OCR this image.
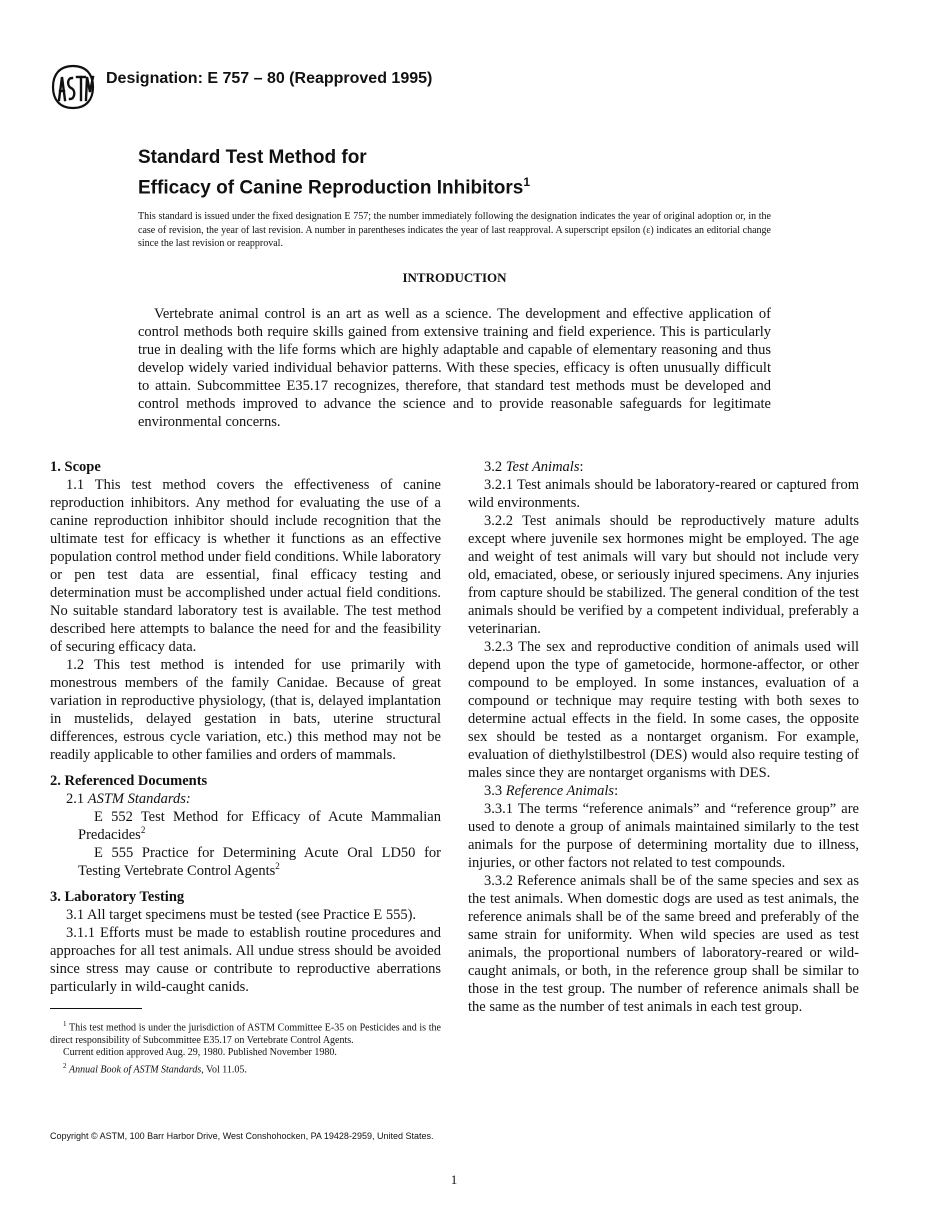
Designation: E 757 – 80 (Reapproved 1995)
Standard Test Method for
Efficacy of Canine Reproduction Inhibitors$^1$
This standard is issued under the fixed designation E 757; the number immediately following the designation indicates the year of original adoption or, in the case of revision, the year of last revision. A number in parentheses indicates the year of last reapproval. A superscript epsilon (ε) indicates an editorial change since the last revision or reapproval.
INTRODUCTION
Vertebrate animal control is an art as well as a science. The development and effective application of control methods both require skills gained from extensive training and field experience. This is particularly true in dealing with the life forms which are highly adaptable and capable of elementary reasoning and thus develop widely varied individual behavior patterns. With these species, efficacy is often unusually difficult to attain. Subcommittee E35.17 recognizes, therefore, that standard test methods must be developed and control methods improved to advance the science and to provide reasonable safeguards for legitimate environmental concerns.
1. Scope

1.1 This test method covers the effectiveness of canine reproduction inhibitors. Any method for evaluating the use of a canine reproduction inhibitor should include recognition that the ultimate test for efficacy is whether it functions as an effective population control method under field conditions. While laboratory or pen test data are essential, final efficacy testing and determination must be accomplished under actual field conditions. No suitable standard laboratory test is available. The test method described here attempts to balance the need for and the feasibility of securing efficacy data.

1.2 This test method is intended for use primarily with monestrous members of the family Canidae. Because of great variation in reproductive physiology, (that is, delayed implantation in mustelids, delayed gestation in bats, uterine structural differences, estrous cycle variation, etc.) this method may not be readily applicable to other families and orders of mammals.

2. Referenced Documents

2.1 ASTM Standards:

E 552 Test Method for Efficacy of Acute Mammalian Predacides$^2$

E 555 Practice for Determining Acute Oral LD50 for Testing Vertebrate Control Agents$^2$

3. Laboratory Testing

3.1 All target specimens must be tested (see Practice E 555).

3.1.1 Efforts must be made to establish routine procedures and approaches for all test animals. All undue stress should be avoided since stress may cause or contribute to reproductive aberrations particularly in wild-caught canids.

$^1$ This test method is under the jurisdiction of ASTM Committee E-35 on Pesticides and is the direct responsibility of Subcommittee E35.17 on Vertebrate Control Agents.

Current edition approved Aug. 29, 1980. Published November 1980.

$^2$ Annual Book of ASTM Standards, Vol 11.05.

3.2 Test Animals:

3.2.1 Test animals should be laboratory-reared or captured from wild environments.

3.2.2 Test animals should be reproductively mature adults except where juvenile sex hormones might be employed. The age and weight of test animals will vary but should not include very old, emaciated, obese, or seriously injured specimens. Any injuries from capture should be stabilized. The general condition of the test animals should be verified by a competent individual, preferably a veterinarian.

3.2.3 The sex and reproductive condition of animals used will depend upon the type of gametocide, hormone-affector, or other compound to be employed. In some instances, evaluation of a compound or technique may require testing with both sexes to determine actual effects in the field. In some cases, the opposite sex should be tested as a nontarget organism. For example, evaluation of diethylstilbestrol (DES) would also require testing of males since they are nontarget organisms with DES.

3.3 Reference Animals:

3.3.1 The terms “reference animals” and “reference group” are used to denote a group of animals maintained similarly to the test animals for the purpose of determining mortality due to illness, injuries, or other factors not related to test compounds.

3.3.2 Reference animals shall be of the same species and sex as the test animals. When domestic dogs are used as test animals, the reference animals shall be of the same breed and preferably of the same strain for uniformity. When wild species are used as test animals, the proportional numbers of laboratory-reared or wild-caught animals, or both, in the reference group shall be similar to those in the test group. The number of reference animals shall be the same as the number of test animals in each test group.

Copyright © ASTM, 100 Barr Harbor Drive, West Conshohocken, PA 19428-2959, United States.
1
